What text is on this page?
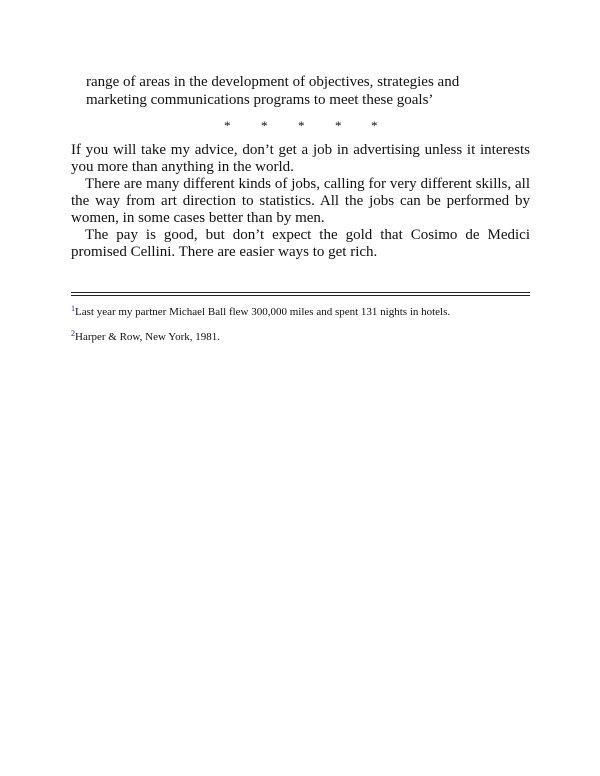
range of areas in the development of objectives, strategies and
marketing communications programs to meet these goals’
* * * * *

If you will take my advice, don’t get a job in advertising unless it interests you more than anything in the world.

There are many different kinds of jobs, calling for very different skills, all the way from art direction to statistics. All the jobs can be performed by women, in some cases better than by men.

The pay is good, but don’t expect the gold that Cosimo de Medici promised Cellini. There are easier ways to get rich.

$^1$Last year my partner Michael Ball flew 300,000 miles and spent 131 nights in hotels.

$^2$Harper & Row, New York, 1981.
